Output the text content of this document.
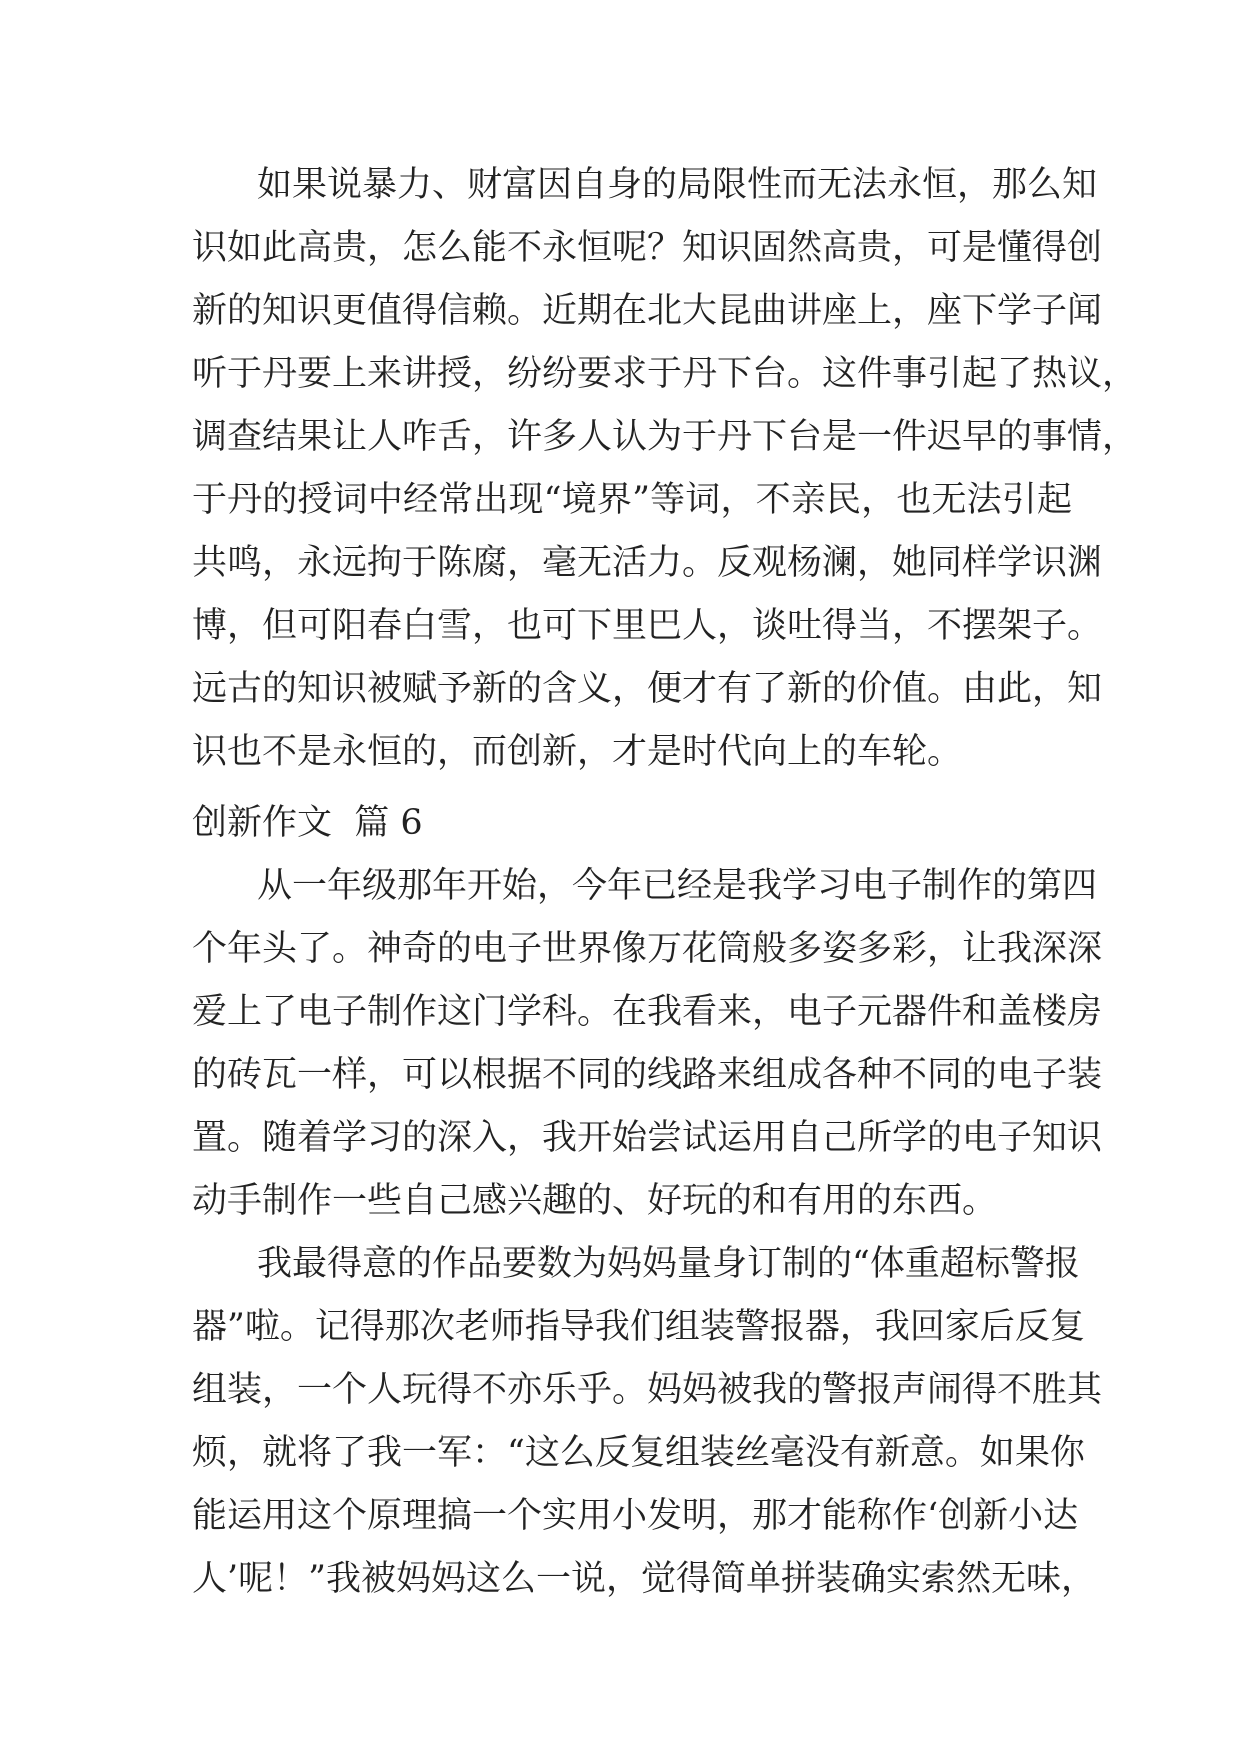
如果说暴力、财富因自身的局限性而无法永恒，那么知
识如此高贵，怎么能不永恒呢？知识固然高贵，可是懂得创
新的知识更值得信赖。近期在北大昆曲讲座上，座下学子闻
听于丹要上来讲授，纷纷要求于丹下台。这件事引起了热议，
调查结果让人咋舌，许多人认为于丹下台是一件迟早的事情，
于丹的授词中经常出现“境界”等词，不亲民，也无法引起
共鸣，永远拘于陈腐，毫无活力。反观杨澜，她同样学识渊
博，但可阳春白雪，也可下里巴人，谈吐得当，不摆架子。
远古的知识被赋予新的含义，便才有了新的价值。由此，知
识也不是永恒的，而创新，才是时代向上的车轮。
创新作文  篇 6
从一年级那年开始，今年已经是我学习电子制作的第四
个年头了。神奇的电子世界像万花筒般多姿多彩，让我深深
爱上了电子制作这门学科。在我看来，电子元器件和盖楼房
的砖瓦一样，可以根据不同的线路来组成各种不同的电子装
置。随着学习的深入，我开始尝试运用自己所学的电子知识
动手制作一些自己感兴趣的、好玩的和有用的东西。
我最得意的作品要数为妈妈量身订制的“体重超标警报
器”啦。记得那次老师指导我们组装警报器，我回家后反复
组装，一个人玩得不亦乐乎。妈妈被我的警报声闹得不胜其
烦，就将了我一军：“这么反复组装丝毫没有新意。如果你
能运用这个原理搞一个实用小发明，那才能称作‘创新小达
人’呢！”我被妈妈这么一说，觉得简单拼装确实索然无味，
